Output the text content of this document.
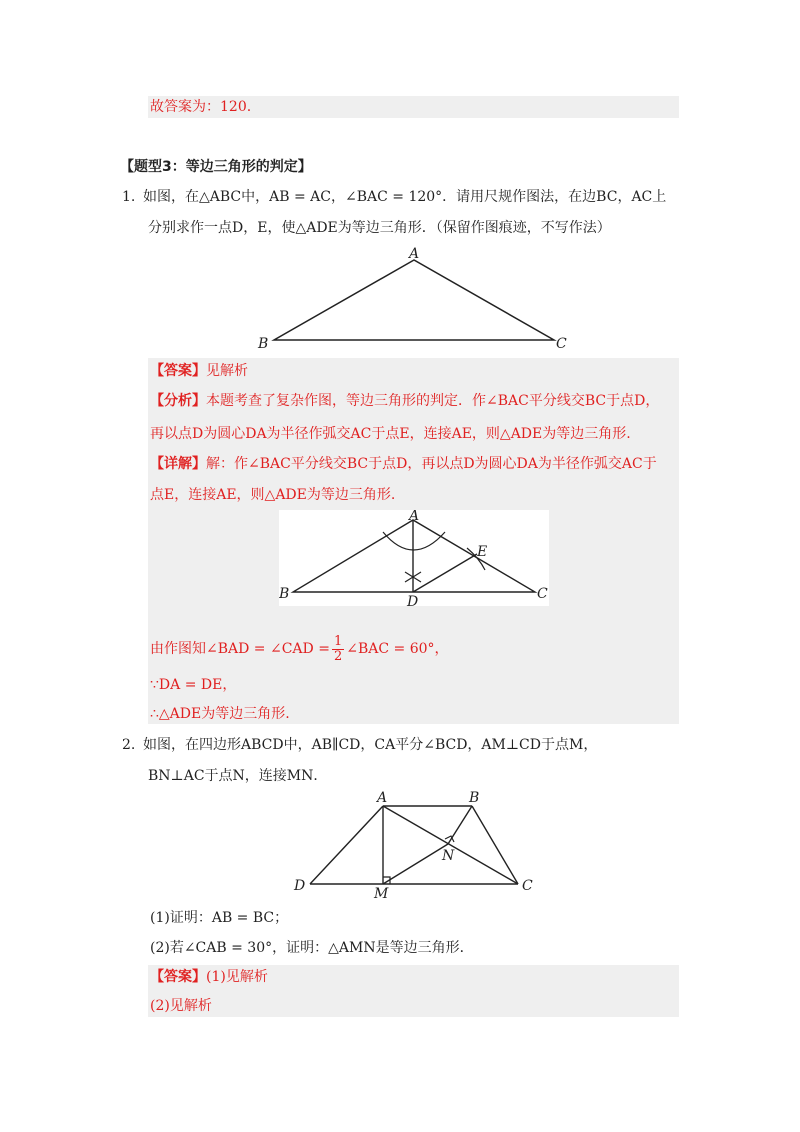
故答案为：120.
【题型3：等边三角形的判定】
1. 如图，在△ABC中，AB = AC，∠BAC = 120°．请用尺规作图法，在边BC，AC上
分别求作一点D，E，使△ADE为等边三角形．（保留作图痕迹，不写作法）
A
B	C
【答案】见解析
【分析】本题考查了复杂作图，等边三角形的判定．作∠BAC平分线交BC于点D，
再以点D为圆心DA为半径作弧交AC于点E，连接AE，则△ADE为等边三角形.
【详解】解：作∠BAC平分线交BC于点D，再以点D为圆心DA为半径作弧交AC于
点E，连接AE，则△ADE为等边三角形.
A
B	C
D
E
由作图知∠BAD = ∠CAD = $\frac{1}{2}$ ∠BAC = 60°，
∵DA = DE，
∴△ADE为等边三角形.
2. 如图，在四边形ABCD中，AB∥CD，CA平分∠BCD，AM⊥CD于点M，
BN⊥AC于点N，连接MN．
A	B
C
D	M
N
(1)证明：AB = BC；
(2)若∠CAB = 30°，证明：△AMN是等边三角形．
【答案】(1)见解析
(2)见解析
